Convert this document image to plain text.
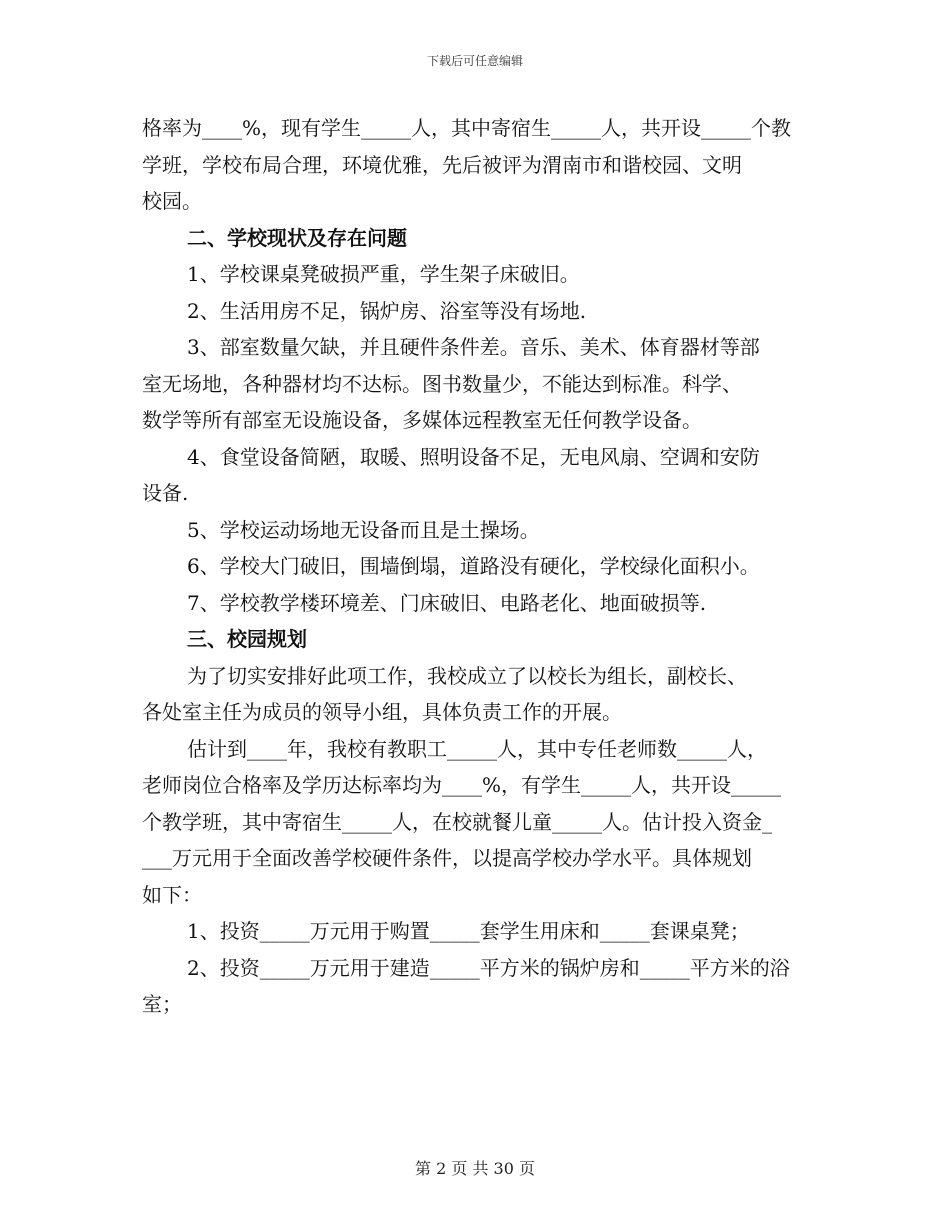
下载后可任意编辑
格率为____%，现有学生_____人，其中寄宿生_____人，共开设_____个教
学班，学校布局合理，环境优雅，先后被评为渭南市和谐校园、文明
校园。
二、学校现状及存在问题
1、学校课桌凳破损严重，学生架子床破旧。
2、生活用房不足，锅炉房、浴室等没有场地.
3、部室数量欠缺，并且硬件条件差。音乐、美术、体育器材等部
室无场地，各种器材均不达标。图书数量少，不能达到标准。科学、
数学等所有部室无设施设备，多媒体远程教室无任何教学设备。
4、食堂设备简陋，取暖、照明设备不足，无电风扇、空调和安防
设备.
5、学校运动场地无设备而且是土操场。
6、学校大门破旧，围墙倒塌，道路没有硬化，学校绿化面积小。
7、学校教学楼环境差、门床破旧、电路老化、地面破损等.
三、校园规划
为了切实安排好此项工作，我校成立了以校长为组长，副校长、
各处室主任为成员的领导小组，具体负责工作的开展。
估计到____年，我校有教职工_____人，其中专任老师数_____人，
老师岗位合格率及学历达标率均为____%，有学生_____人，共开设_____
个教学班，其中寄宿生_____人，在校就餐儿童_____人。估计投入资金_
___万元用于全面改善学校硬件条件，以提高学校办学水平。具体规划
如下：
1、投资_____万元用于购置_____套学生用床和_____套课桌凳；
2、投资_____万元用于建造_____平方米的锅炉房和_____平方米的浴
室；
第 2 页 共 30 页
